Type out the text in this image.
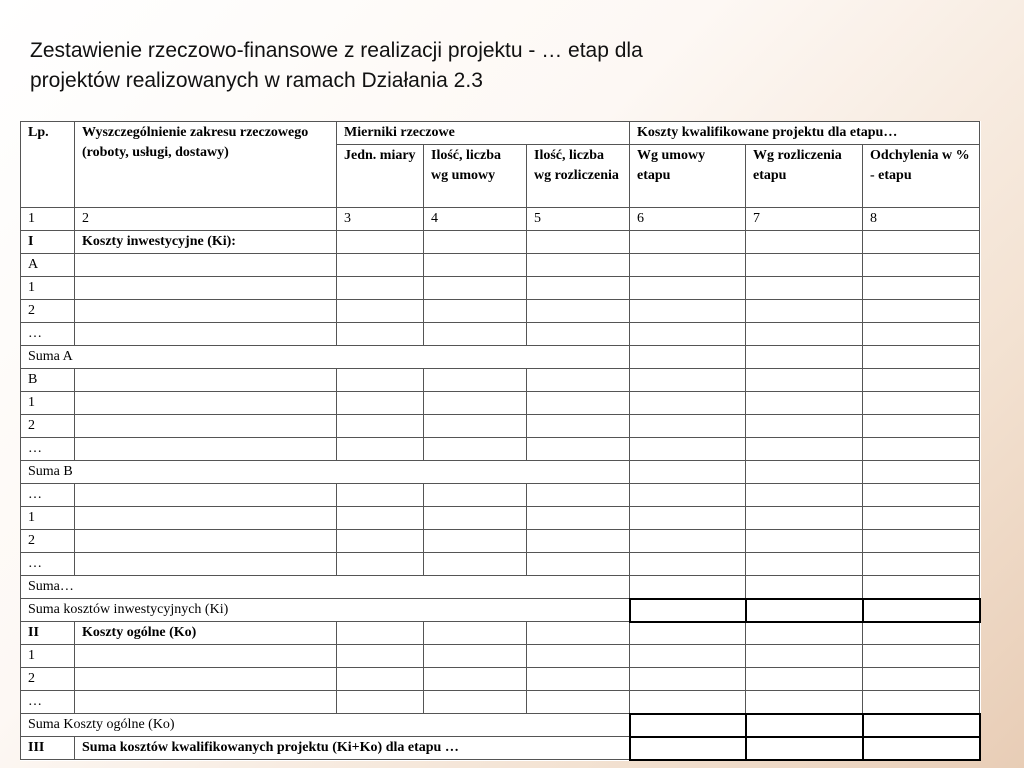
Zestawienie rzeczowo-finansowe z realizacji projektu - … etap dla
projektów realizowanych w ramach Działania 2.3
Lp.	Wyszczególnienie zakresu rzeczowego (roboty, usługi, dostawy)	Mierniki rzeczowe			Koszty kwalifikowane projektu dla etapu…		
		Jedn. miary	Ilość, liczba wg umowy	Ilość, liczba wg rozliczenia	Wg umowy etapu	Wg rozliczenia etapu	Odchylenia w % - etapu
1	2	3	4	5	6	7	8
I	Koszty inwestycyjne (Ki):						
A							
1							
2							
…							
Suma A							
B							
1							
2							
…							
Suma B							
…							
1							
2							
…							
Suma…							
Suma kosztów inwestycyjnych (Ki)							
II	Koszty ogólne (Ko)						
1							
2							
…							
Suma Koszty ogólne (Ko)							
III	Suma kosztów kwalifikowanych projektu (Ki+Ko) dla etapu …						
